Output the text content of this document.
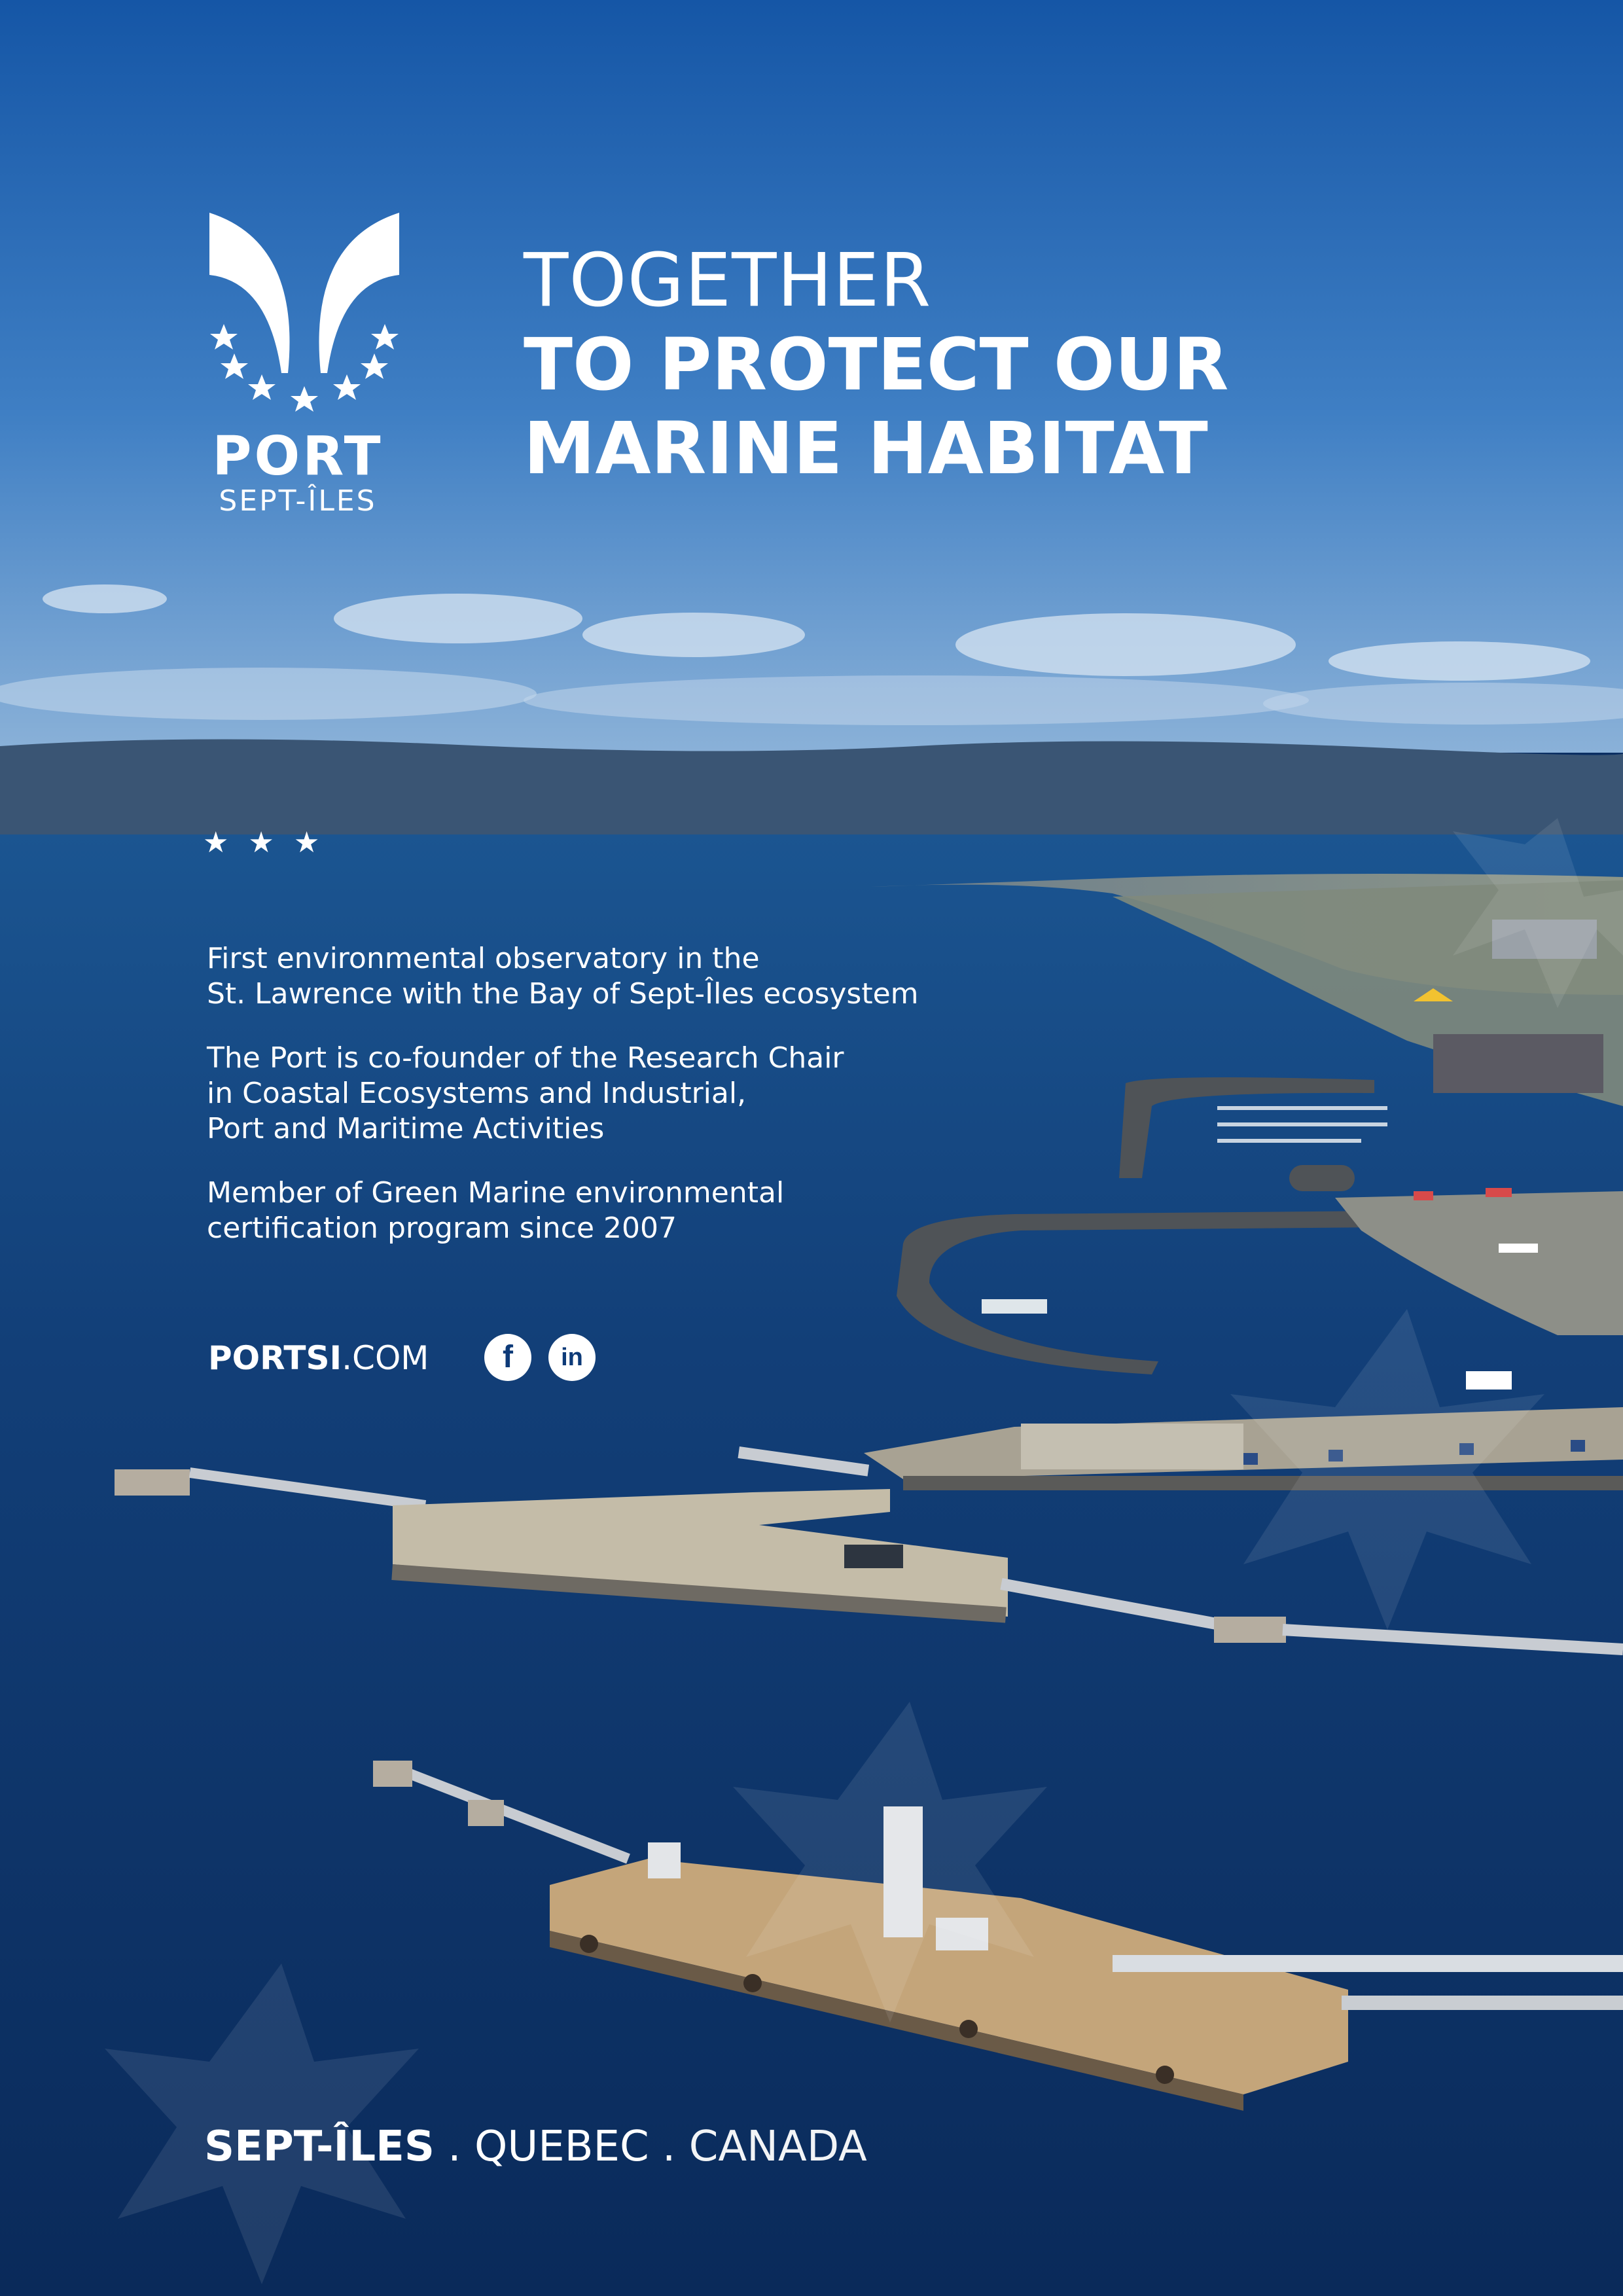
PORT
SEPT-ÎLES
TOGETHER
TO PROTECT OUR
MARINE HABITAT
★ ★ ★

First environmental observatory in the
St. Lawrence with the Bay of Sept-Îles ecosystem

The Port is co-founder of the Research Chair
in Coastal Ecosystems and Industrial,
Port and Maritime Activities

Member of Green Marine environmental
certification program since 2007

PORTSI.COM	f	in
SEPT-ÎLES . QUEBEC . CANADA
